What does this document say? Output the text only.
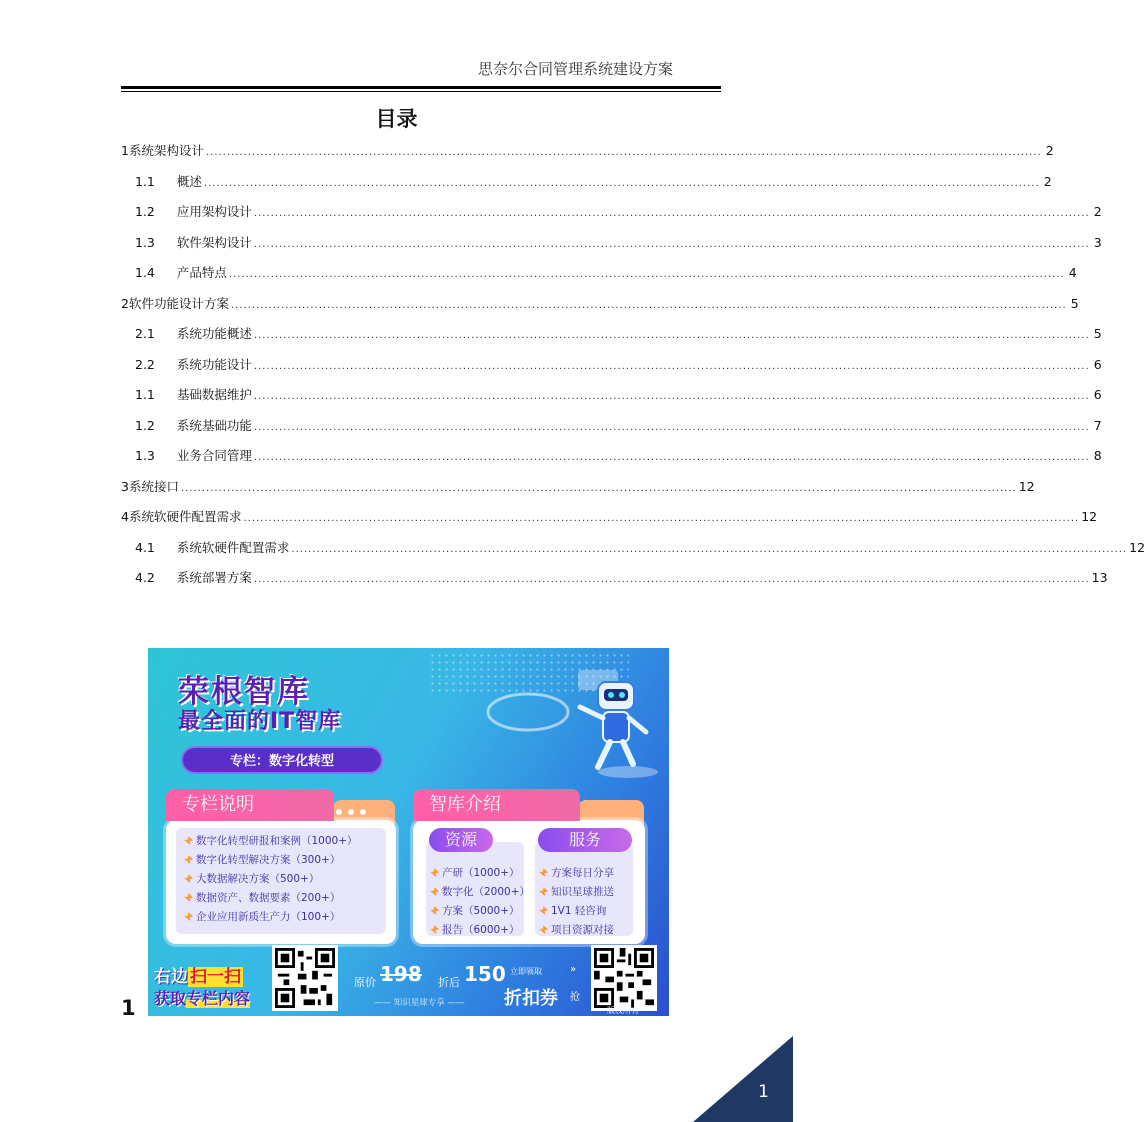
思奈尔合同管理系统建设方案
目录
1 系统架构设计 ........................................................................................................................................................................................................ 2
1.1 概述 ........................................................................................................................................................................................................ 2
1.2 应用架构设计 ........................................................................................................................................................................................................ 2
1.3 软件架构设计 ........................................................................................................................................................................................................ 3
1.4 产品特点 ........................................................................................................................................................................................................ 4
2 软件功能设计方案 ........................................................................................................................................................................................................ 5
2.1 系统功能概述 ........................................................................................................................................................................................................ 5
2.2 系统功能设计 ........................................................................................................................................................................................................ 6
1.1 基础数据维护 ........................................................................................................................................................................................................ 6
1.2 系统基础功能 ........................................................................................................................................................................................................ 7
1.3 业务合同管理 ........................................................................................................................................................................................................ 8
3 系统接口 ........................................................................................................................................................................................................ 12
4 系统软硬件配置需求 ........................................................................................................................................................................................................ 12
4.1 系统软硬件配置需求 ........................................................................................................................................................................................................ 12
4.2 系统部署方案 ........................................................................................................................................................................................................ 13
荣根智库
最全面的IT智库
专栏：数字化转型
数字化转型研报和案例（1000+）
数字化转型解决方案（300+）
大数据解决方案（500+）
数据资产、数据要素（200+）
企业应用新质生产力（100+）
专栏说明
产研（1000+）
数字化（2000+）
方案（5000+）
报告（6000+）
方案每日分享
知识星球推送
1V1 轻咨询
项目资源对接
智库介绍
资源	服务
右边 扫一扫
获取专栏内容
原价 198 折后 150 立即领取
折扣券
»
抢
—— 知识星球专享 ——
版权所有
1
1
